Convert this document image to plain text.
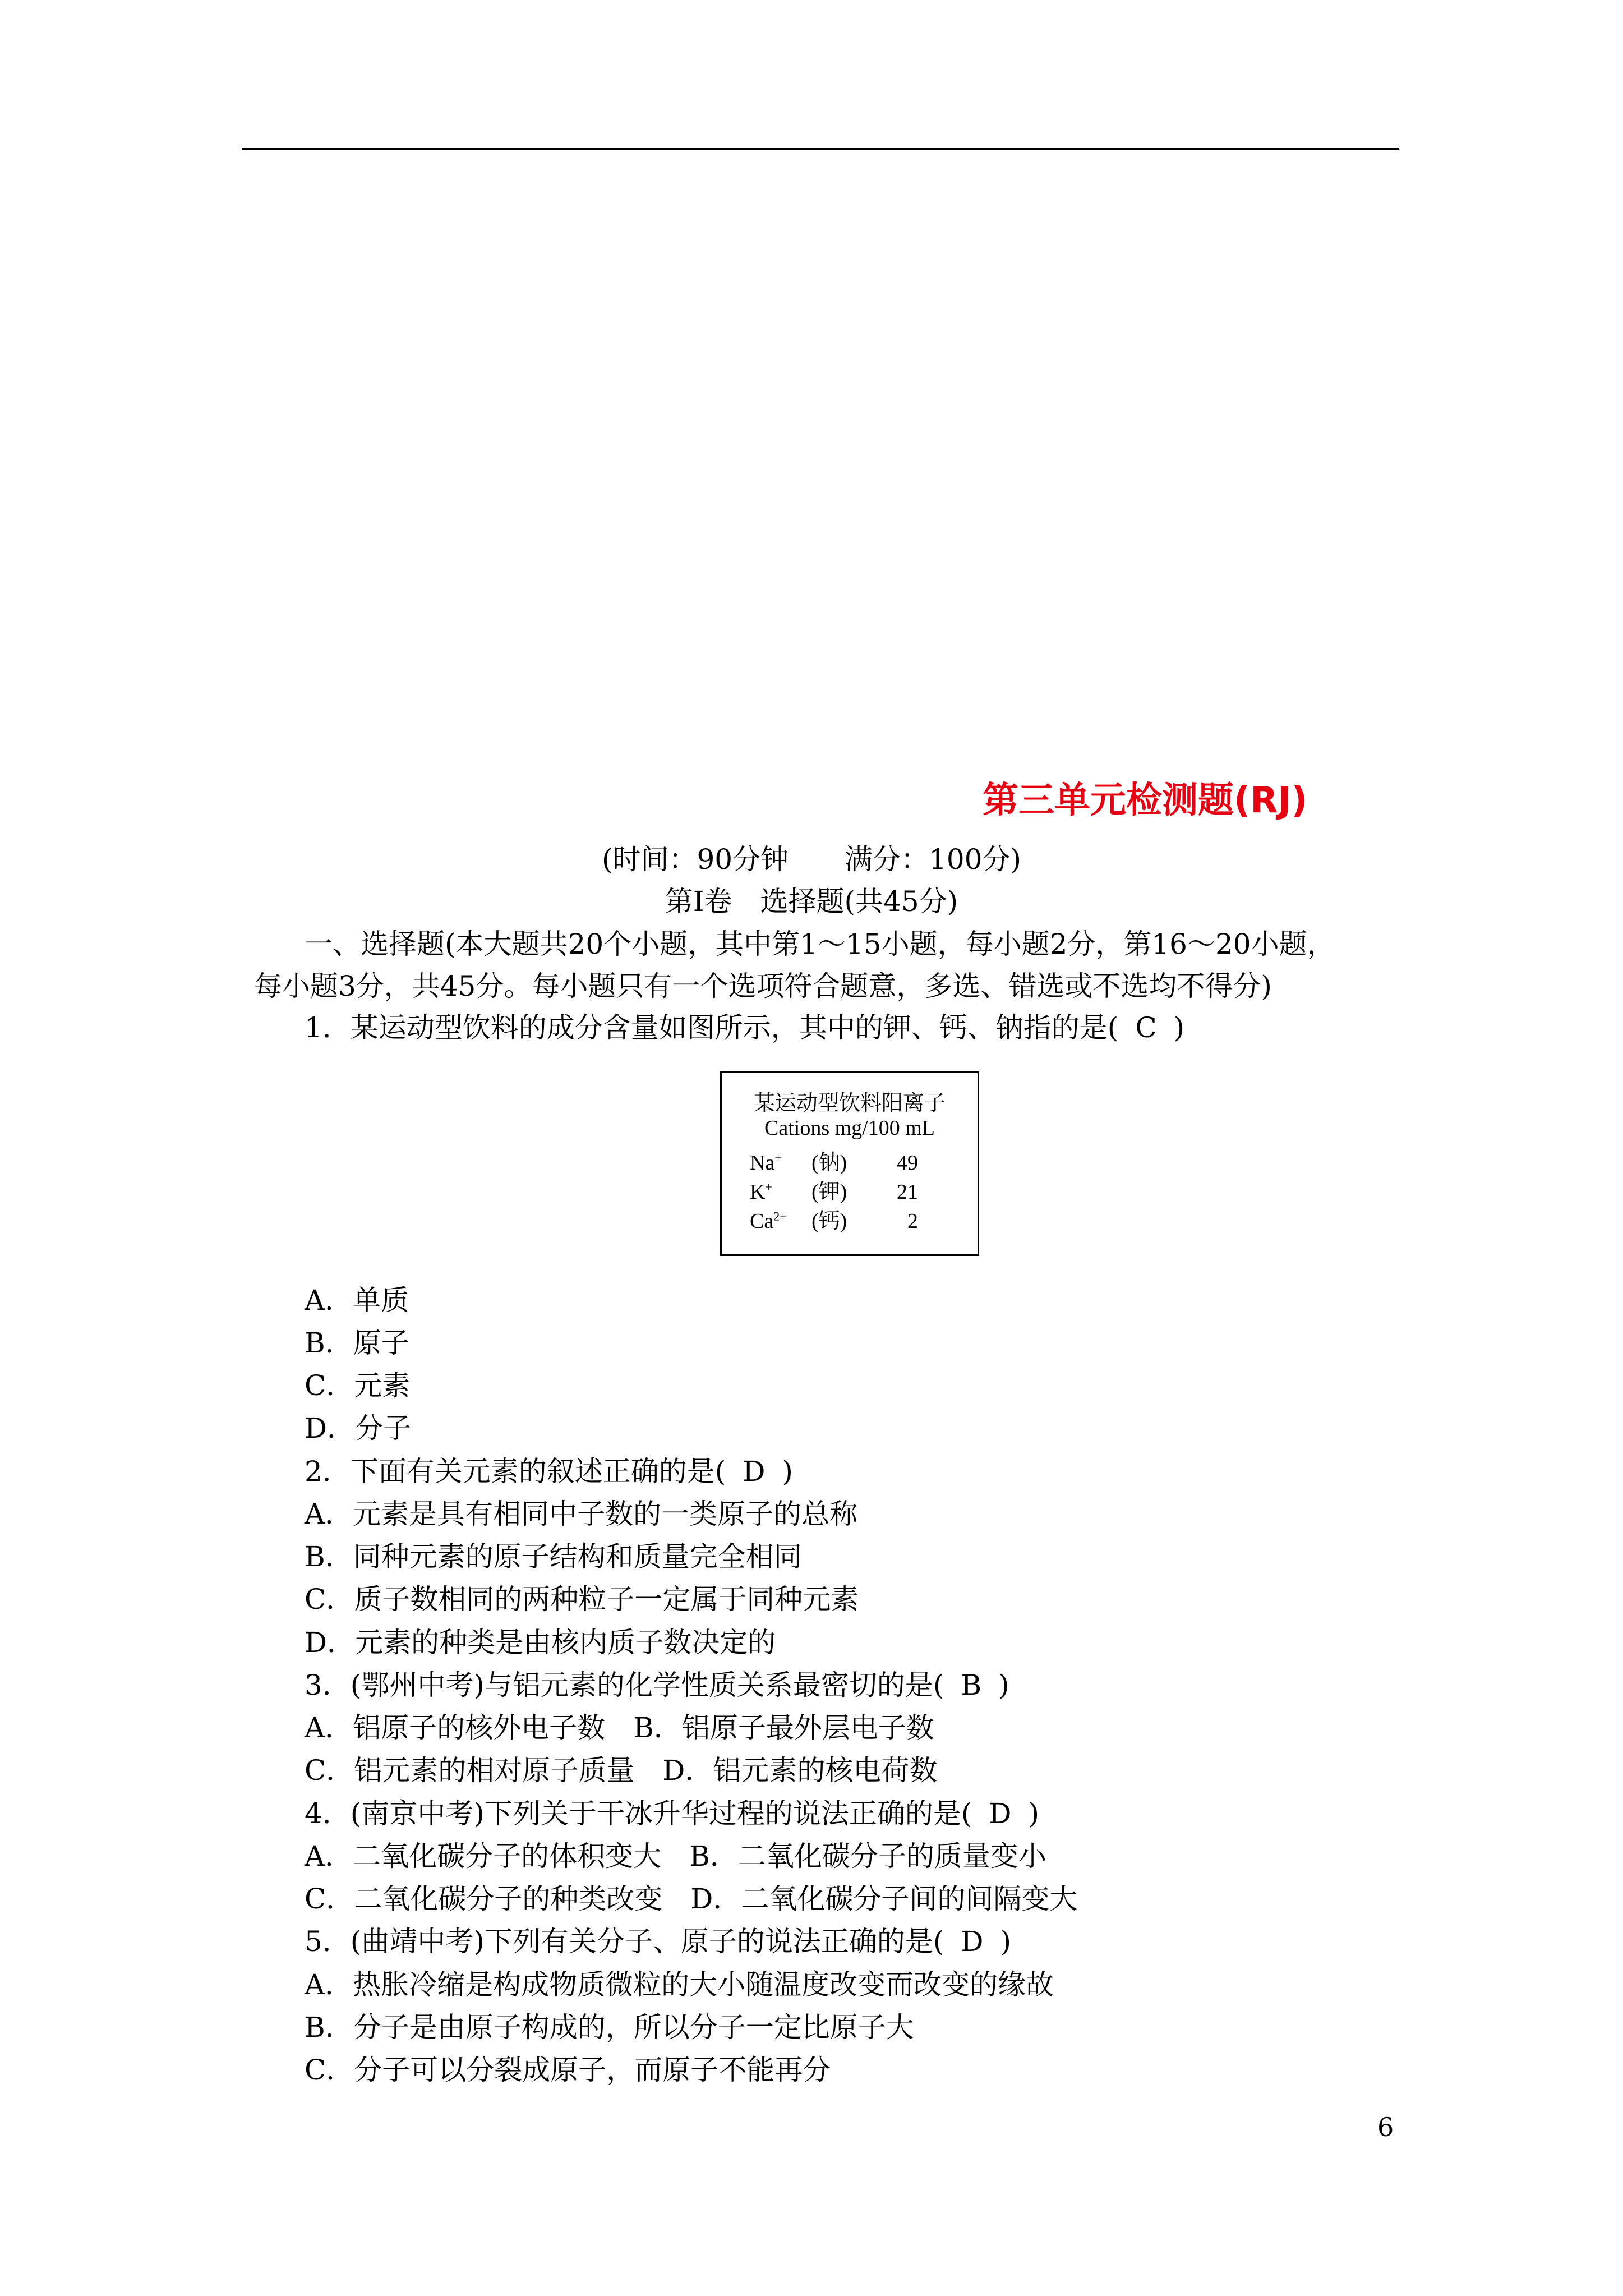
第三单元检测题(RJ)
(时间：90分钟　　满分：100分)
第Ⅰ卷　选择题(共45分)
一、选择题(本大题共20个小题，其中第1～15小题，每小题2分，第16～20小题，
每小题3分，共45分。每小题只有一个选项符合题意，多选、错选或不选均不得分)
1．某运动型饮料的成分含量如图所示，其中的钾、钙、钠指的是( C )
某运动型饮料阳离子
Cations mg/100 mL
Na+ (钠) 49
K+ (钾) 21
$Ca^{2+}$ (钙)	2
A．单质
B．原子
C．元素
D．分子
2．下面有关元素的叙述正确的是( D )
A．元素是具有相同中子数的一类原子的总称
B．同种元素的原子结构和质量完全相同
C．质子数相同的两种粒子一定属于同种元素
D．元素的种类是由核内质子数决定的
3．(鄂州中考)与铝元素的化学性质关系最密切的是( B )
A．铝原子的核外电子数　B．铝原子最外层电子数
C．铝元素的相对原子质量　D．铝元素的核电荷数
4．(南京中考)下列关于干冰升华过程的说法正确的是( D )
A．二氧化碳分子的体积变大　B．二氧化碳分子的质量变小
C．二氧化碳分子的种类改变　D．二氧化碳分子间的间隔变大
5．(曲靖中考)下列有关分子、原子的说法正确的是( D )
A．热胀冷缩是构成物质微粒的大小随温度改变而改变的缘故
B．分子是由原子构成的，所以分子一定比原子大
C．分子可以分裂成原子，而原子不能再分
6
